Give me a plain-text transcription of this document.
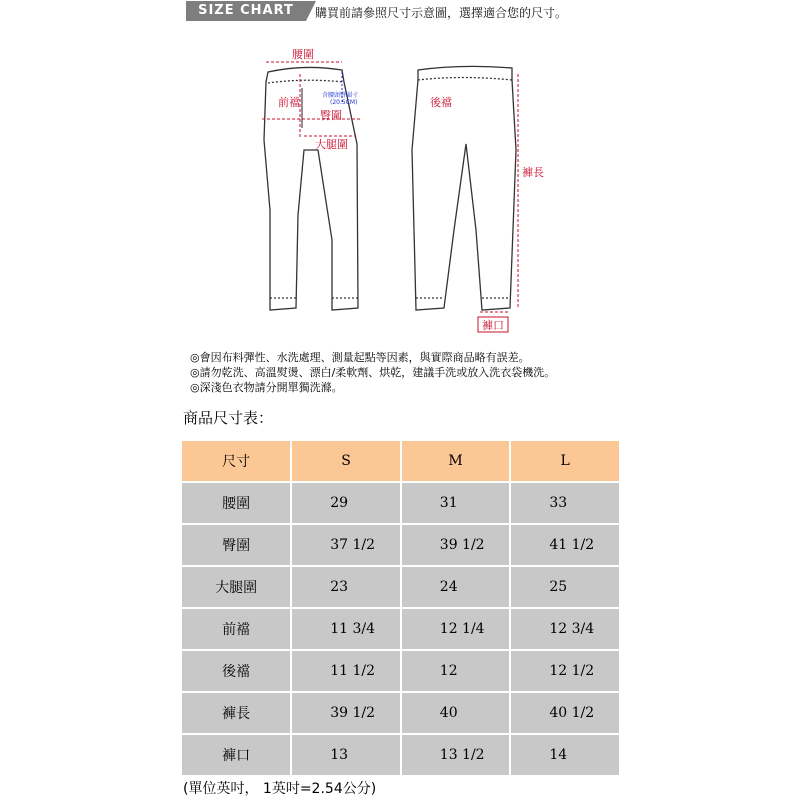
SIZE CHART	購買前請參照尺寸示意圖，選擇適合您的尺寸。
腰圍
前襠
含腰頭臀圍寸
(20.5CM)
臀圍
大腿圍
後襠
褲長
褲口
◎會因布料彈性、水洗處理、測量起點等因素，與實際商品略有誤差。
◎請勿乾洗、高溫熨燙、漂白/柔軟劑、烘乾，建議手洗或放入洗衣袋機洗。
◎深淺色衣物請分開單獨洗滌。
商品尺寸表：
尺寸	S	M	L
腰圍	29	31	33
臀圍	37 1/2	39 1/2	41 1/2
大腿圍	23	24	25
前襠	11 3/4	12 1/4	12 3/4
後襠	11 1/2	12	12 1/2
褲長	39 1/2	40	40 1/2
褲口	13	13 1/2	14
(單位英吋， 1英吋=2.54公分)
